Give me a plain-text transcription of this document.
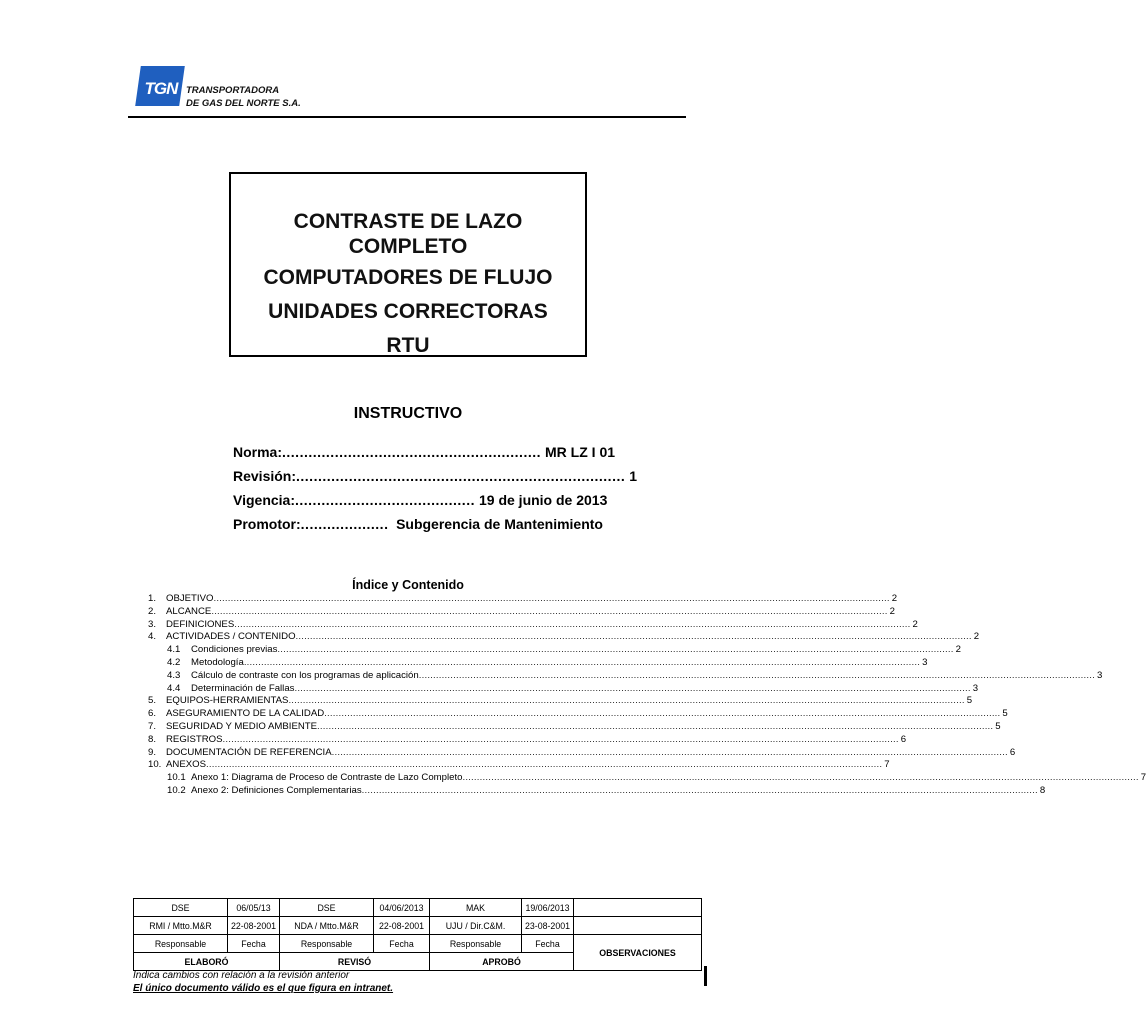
TGN TRANSPORTADORA
DE GAS DEL NORTE S.A.
CONTRASTE DE LAZO
COMPLETO
COMPUTADORES DE FLUJO
UNIDADES CORRECTORAS
RTU
INSTRUCTIVO
Norma: ........................................................... MR LZ I 01
Revisión: ........................................................................... 1
Vigencia: ......................................... 19 de junio de 2013
Promotor: .................... Subgerencia de Mantenimiento
Índice y Contenido
1.	OBJETIVO ............................................................................................................................................................................................................................................ 2
2.	ALCANCE ............................................................................................................................................................................................................................................ 2
3.	DEFINICIONES ............................................................................................................................................................................................................................................ 2
4.	ACTIVIDADES / CONTENIDO ............................................................................................................................................................................................................................................ 2
4.1	Condiciones previas ............................................................................................................................................................................................................................................ 2
4.2	Metodología ............................................................................................................................................................................................................................................ 3
4.3	Cálculo de contraste con los programas de aplicación ............................................................................................................................................................................................................................................ 3
4.4	Determinación de Fallas ............................................................................................................................................................................................................................................ 3
5.	EQUIPOS-HERRAMIENTAS ............................................................................................................................................................................................................................................ 5
6.	ASEGURAMIENTO DE LA CALIDAD ............................................................................................................................................................................................................................................ 5
7.	SEGURIDAD Y MEDIO AMBIENTE ............................................................................................................................................................................................................................................ 5
8.	REGISTROS ............................................................................................................................................................................................................................................ 6
9.	DOCUMENTACIÓN DE REFERENCIA ............................................................................................................................................................................................................................................ 6
10. ANEXOS ............................................................................................................................................................................................................................................ 7
10.1 Anexo 1: Diagrama de Proceso de Contraste de Lazo Completo ............................................................................................................................................................................................................................................ 7
10.2 Anexo 2: Definiciones Complementarias ............................................................................................................................................................................................................................................ 8
DSE	06/05/13	DSE	04/06/2013	MAK	19/06/2013	
RMI / Mtto.M&R	22-08-2001	NDA / Mtto.M&R	22-08-2001	UJU / Dir.C&M.	23-08-2001	
Responsable	Fecha	Responsable	Fecha	Responsable	Fecha	OBSERVACIONES
ELABORÓ		REVISÓ		APROBÓ		
Indica cambios con relación a la revisión anterior
El único documento válido es el que figura en intranet.
